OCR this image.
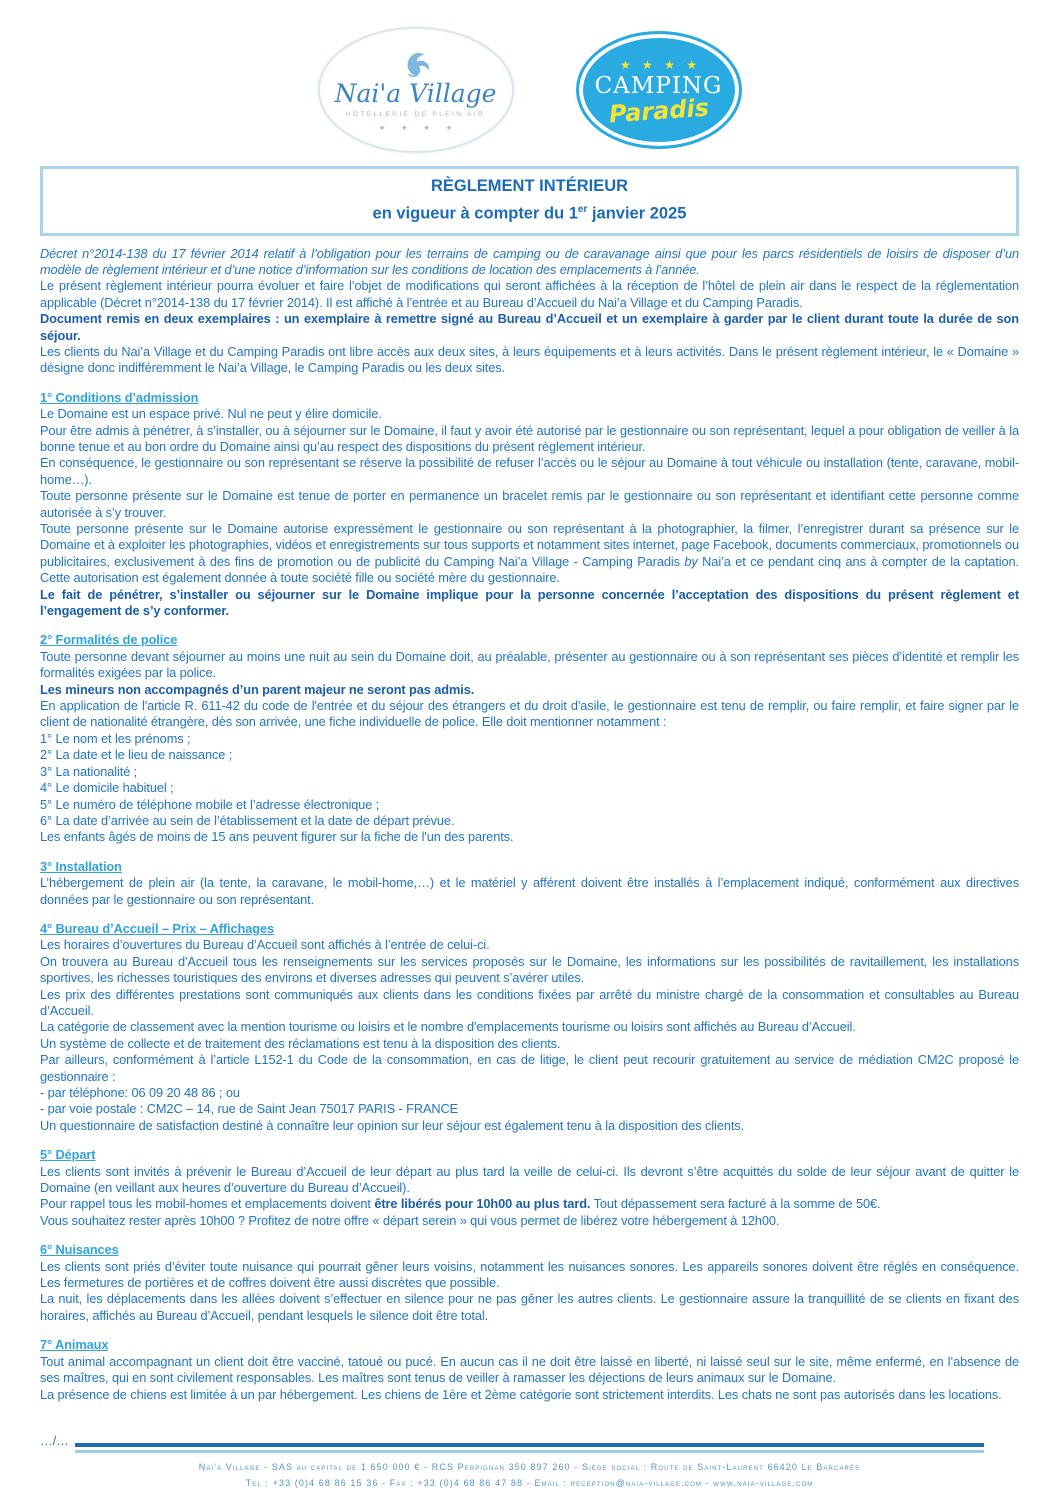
Nai'a Village
HÔTELLERIE DE PLEIN AIR
★ ★ ★ ★
★ ★ ★ ★
CAMPING
Paradis
RÈGLEMENT INTÉRIEUR
en vigueur à compter du 1er janvier 2025
Décret n°2014-138 du 17 février 2014 relatif à l’obligation pour les terrains de camping ou de caravanage ainsi que pour les parcs résidentiels de loisirs de disposer d’un modèle de règlement intérieur et d’une notice d’information sur les conditions de location des emplacements à l’année.
Le présent règlement intérieur pourra évoluer et faire l’objet de modifications qui seront affichées à la réception de l’hôtel de plein air dans le respect de la réglementation applicable (Décret n°2014-138 du 17 février 2014). Il est affiché à l’entrée et au Bureau d’Accueil du Nai’a Village et du Camping Paradis.
Document remis en deux exemplaires : un exemplaire à remettre signé au Bureau d’Accueil et un exemplaire à garder par le client durant toute la durée de son séjour.
Les clients du Nai’a Village et du Camping Paradis ont libre accès aux deux sites, à leurs équipements et à leurs activités. Dans le présent règlement intérieur, le « Domaine » désigne donc indifféremment le Nai’a Village, le Camping Paradis ou les deux sites.
1° Conditions d’admission
Le Domaine est un espace privé. Nul ne peut y élire domicile.
Pour être admis à pénétrer, à s’installer, ou à séjourner sur le Domaine, il faut y avoir été autorisé par le gestionnaire ou son représentant, lequel a pour obligation de veiller à la bonne tenue et au bon ordre du Domaine ainsi qu’au respect des dispositions du présent règlement intérieur.
En conséquence, le gestionnaire ou son représentant se réserve la possibilité de refuser l’accès ou le séjour au Domaine à tout véhicule ou installation (tente, caravane, mobil-home…).
Toute personne présente sur le Domaine est tenue de porter en permanence un bracelet remis par le gestionnaire ou son représentant et identifiant cette personne comme autorisée à s’y trouver.
Toute personne présente sur le Domaine autorise expressément le gestionnaire ou son représentant à la photographier, la filmer, l’enregistrer durant sa présence sur le Domaine et à exploiter les photographies, vidéos et enregistrements sur tous supports et notamment sites internet, page Facebook, documents commerciaux, promotionnels ou publicitaires, exclusivement à des fins de promotion ou de publicité du Camping Nai’a Village - Camping Paradis by Nai’a et ce pendant cinq ans à compter de la captation. Cette autorisation est également donnée à toute société fille ou société mère du gestionnaire.
Le fait de pénétrer, s’installer ou séjourner sur le Domaine implique pour la personne concernée l’acceptation des dispositions du présent règlement et l’engagement de s’y conformer.
2° Formalités de police
Toute personne devant séjourner au moins une nuit au sein du Domaine doit, au préalable, présenter au gestionnaire ou à son représentant ses pièces d’identité et remplir les formalités exigées par la police.
Les mineurs non accompagnés d’un parent majeur ne seront pas admis.
En application de l'article R. 611-42 du code de l'entrée et du séjour des étrangers et du droit d'asile, le gestionnaire est tenu de remplir, ou faire remplir, et faire signer par le client de nationalité étrangère, dès son arrivée, une fiche individuelle de police. Elle doit mentionner notamment :
1° Le nom et les prénoms ;
2° La date et le lieu de naissance ;
3° La nationalité ;
4° Le domicile habituel ;
5° Le numéro de téléphone mobile et l’adresse électronique ;
6° La date d’arrivée au sein de l’établissement et la date de départ prévue.
Les enfants âgés de moins de 15 ans peuvent figurer sur la fiche de l'un des parents.
3° Installation
L’hébergement de plein air (la tente, la caravane, le mobil-home,…) et le matériel y afférent doivent être installés à l’emplacement indiqué, conformément aux directives données par le gestionnaire ou son représentant.
4° Bureau d’Accueil – Prix – Affichages
Les horaires d’ouvertures du Bureau d’Accueil sont affichés à l’entrée de celui-ci.
On trouvera au Bureau d'Accueil tous les renseignements sur les services proposés sur le Domaine, les informations sur les possibilités de ravitaillement, les installations sportives, les richesses touristiques des environs et diverses adresses qui peuvent s’avérer utiles.
Les prix des différentes prestations sont communiqués aux clients dans les conditions fixées par arrêté du ministre chargé de la consommation et consultables au Bureau d’Accueil.
La catégorie de classement avec la mention tourisme ou loisirs et le nombre d'emplacements tourisme ou loisirs sont affichés au Bureau d’Accueil.
Un système de collecte et de traitement des réclamations est tenu à la disposition des clients.
Par ailleurs, conformément à l’article L152-1 du Code de la consommation, en cas de litige, le client peut recourir gratuitement au service de médiation CM2C proposé le gestionnaire :
- par téléphone: 06 09 20 48 86 ; ou
- par voie postale : CM2C – 14, rue de Saint Jean 75017 PARIS - FRANCE
Un questionnaire de satisfaction destiné à connaître leur opinion sur leur séjour est également tenu à la disposition des clients.
5° Départ
Les clients sont invités à prévenir le Bureau d’Accueil de leur départ au plus tard la veille de celui-ci. Ils devront s’être acquittés du solde de leur séjour avant de quitter le Domaine (en veillant aux heures d’ouverture du Bureau d’Accueil).
Pour rappel tous les mobil-homes et emplacements doivent être libérés pour 10h00 au plus tard. Tout dépassement sera facturé à la somme de 50€.
Vous souhaitez rester après 10h00 ? Profitez de notre offre « départ serein » qui vous permet de libérez votre hébergement à 12h00.
6° Nuisances
Les clients sont priés d’éviter toute nuisance qui pourrait gêner leurs voisins, notamment les nuisances sonores. Les appareils sonores doivent être réglés en conséquence. Les fermetures de portières et de coffres doivent être aussi discrètes que possible.
La nuit, les déplacements dans les allées doivent s’effectuer en silence pour ne pas gêner les autres clients. Le gestionnaire assure la tranquillité de se clients en fixant des horaires, affichés au Bureau d’Accueil, pendant lesquels le silence doit être total.
7° Animaux
Tout animal accompagnant un client doit être vacciné, tatoué ou pucé. En aucun cas il ne doit être laissé en liberté, ni laissé seul sur le site, même enfermé, en l’absence de ses maîtres, qui en sont civilement responsables. Les maîtres sont tenus de veiller à ramasser les déjections de leurs animaux sur le Domaine.
La présence de chiens est limitée à un par hébergement. Les chiens de 1ère et 2ème catégorie sont strictement interdits. Les chats ne sont pas autorisés dans les locations.
…/…
Nai'a Village - SAS au capital de 1 650 000 € - RCS Perpignan 350 897 260 - Siège social : Route de Saint-Laurent 66420 Le Barcarès
Tel : +33 (0)4 68 86 15 36 - Fax : +33 (0)4 68 86 47 88 - Email : reception@naia-village.com - www.naia-village.com
